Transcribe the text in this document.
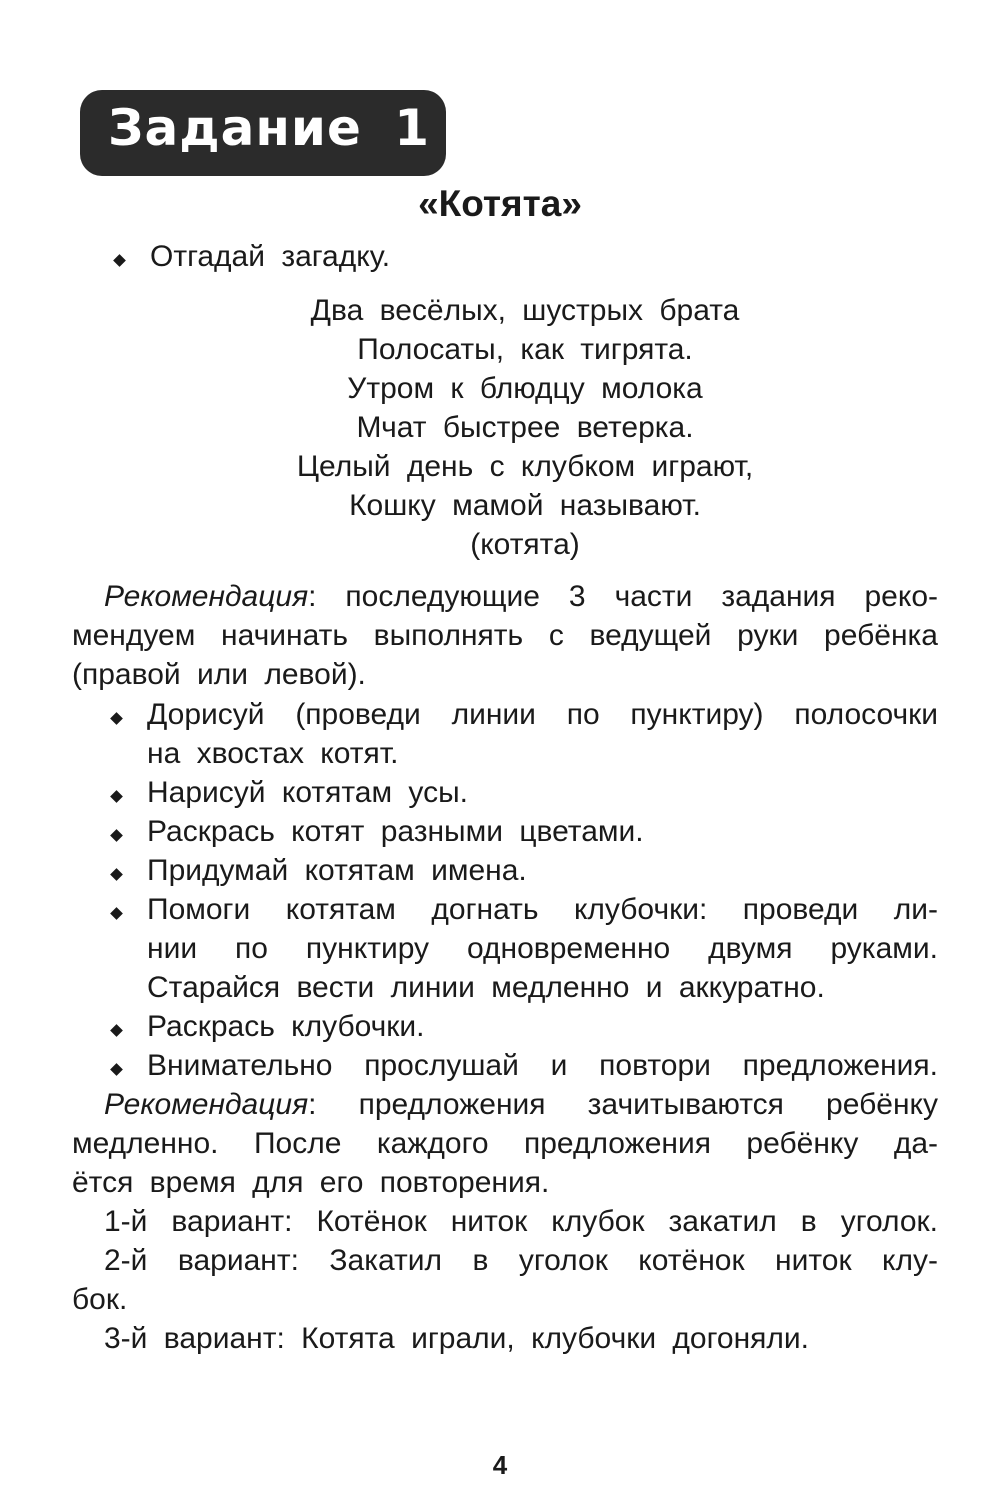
Задание 1
«Котята»
Отгадай загадку.
Два весёлых, шустрых брата
Полосаты, как тигрята.
Утром к блюдцу молока
Мчат быстрее ветерка.
Целый день с клубком играют,
Кошку мамой называют.
(котята)
Рекомендация: последующие 3 части задания реко-
мендуем начинать выполнять с ведущей руки ребёнка
(правой или левой).
Дорисуй (проведи линии по пунктиру) полосочки
на хвостах котят.
Нарисуй котятам усы.
Раскрась котят разными цветами.
Придумай котятам имена.
Помоги котятам догнать клубочки: проведи ли-
нии по пунктиру одновременно двумя руками.
Старайся вести линии медленно и аккуратно.
Раскрась клубочки.
Внимательно прослушай и повтори предложения.
Рекомендация: предложения зачитываются ребёнку
медленно. После каждого предложения ребёнку да-
ётся время для его повторения.
1-й вариант: Котёнок ниток клубок закатил в уголок.
2-й вариант: Закатил в уголок котёнок ниток клу-
бок.
3-й вариант: Котята играли, клубочки догоняли.
4
